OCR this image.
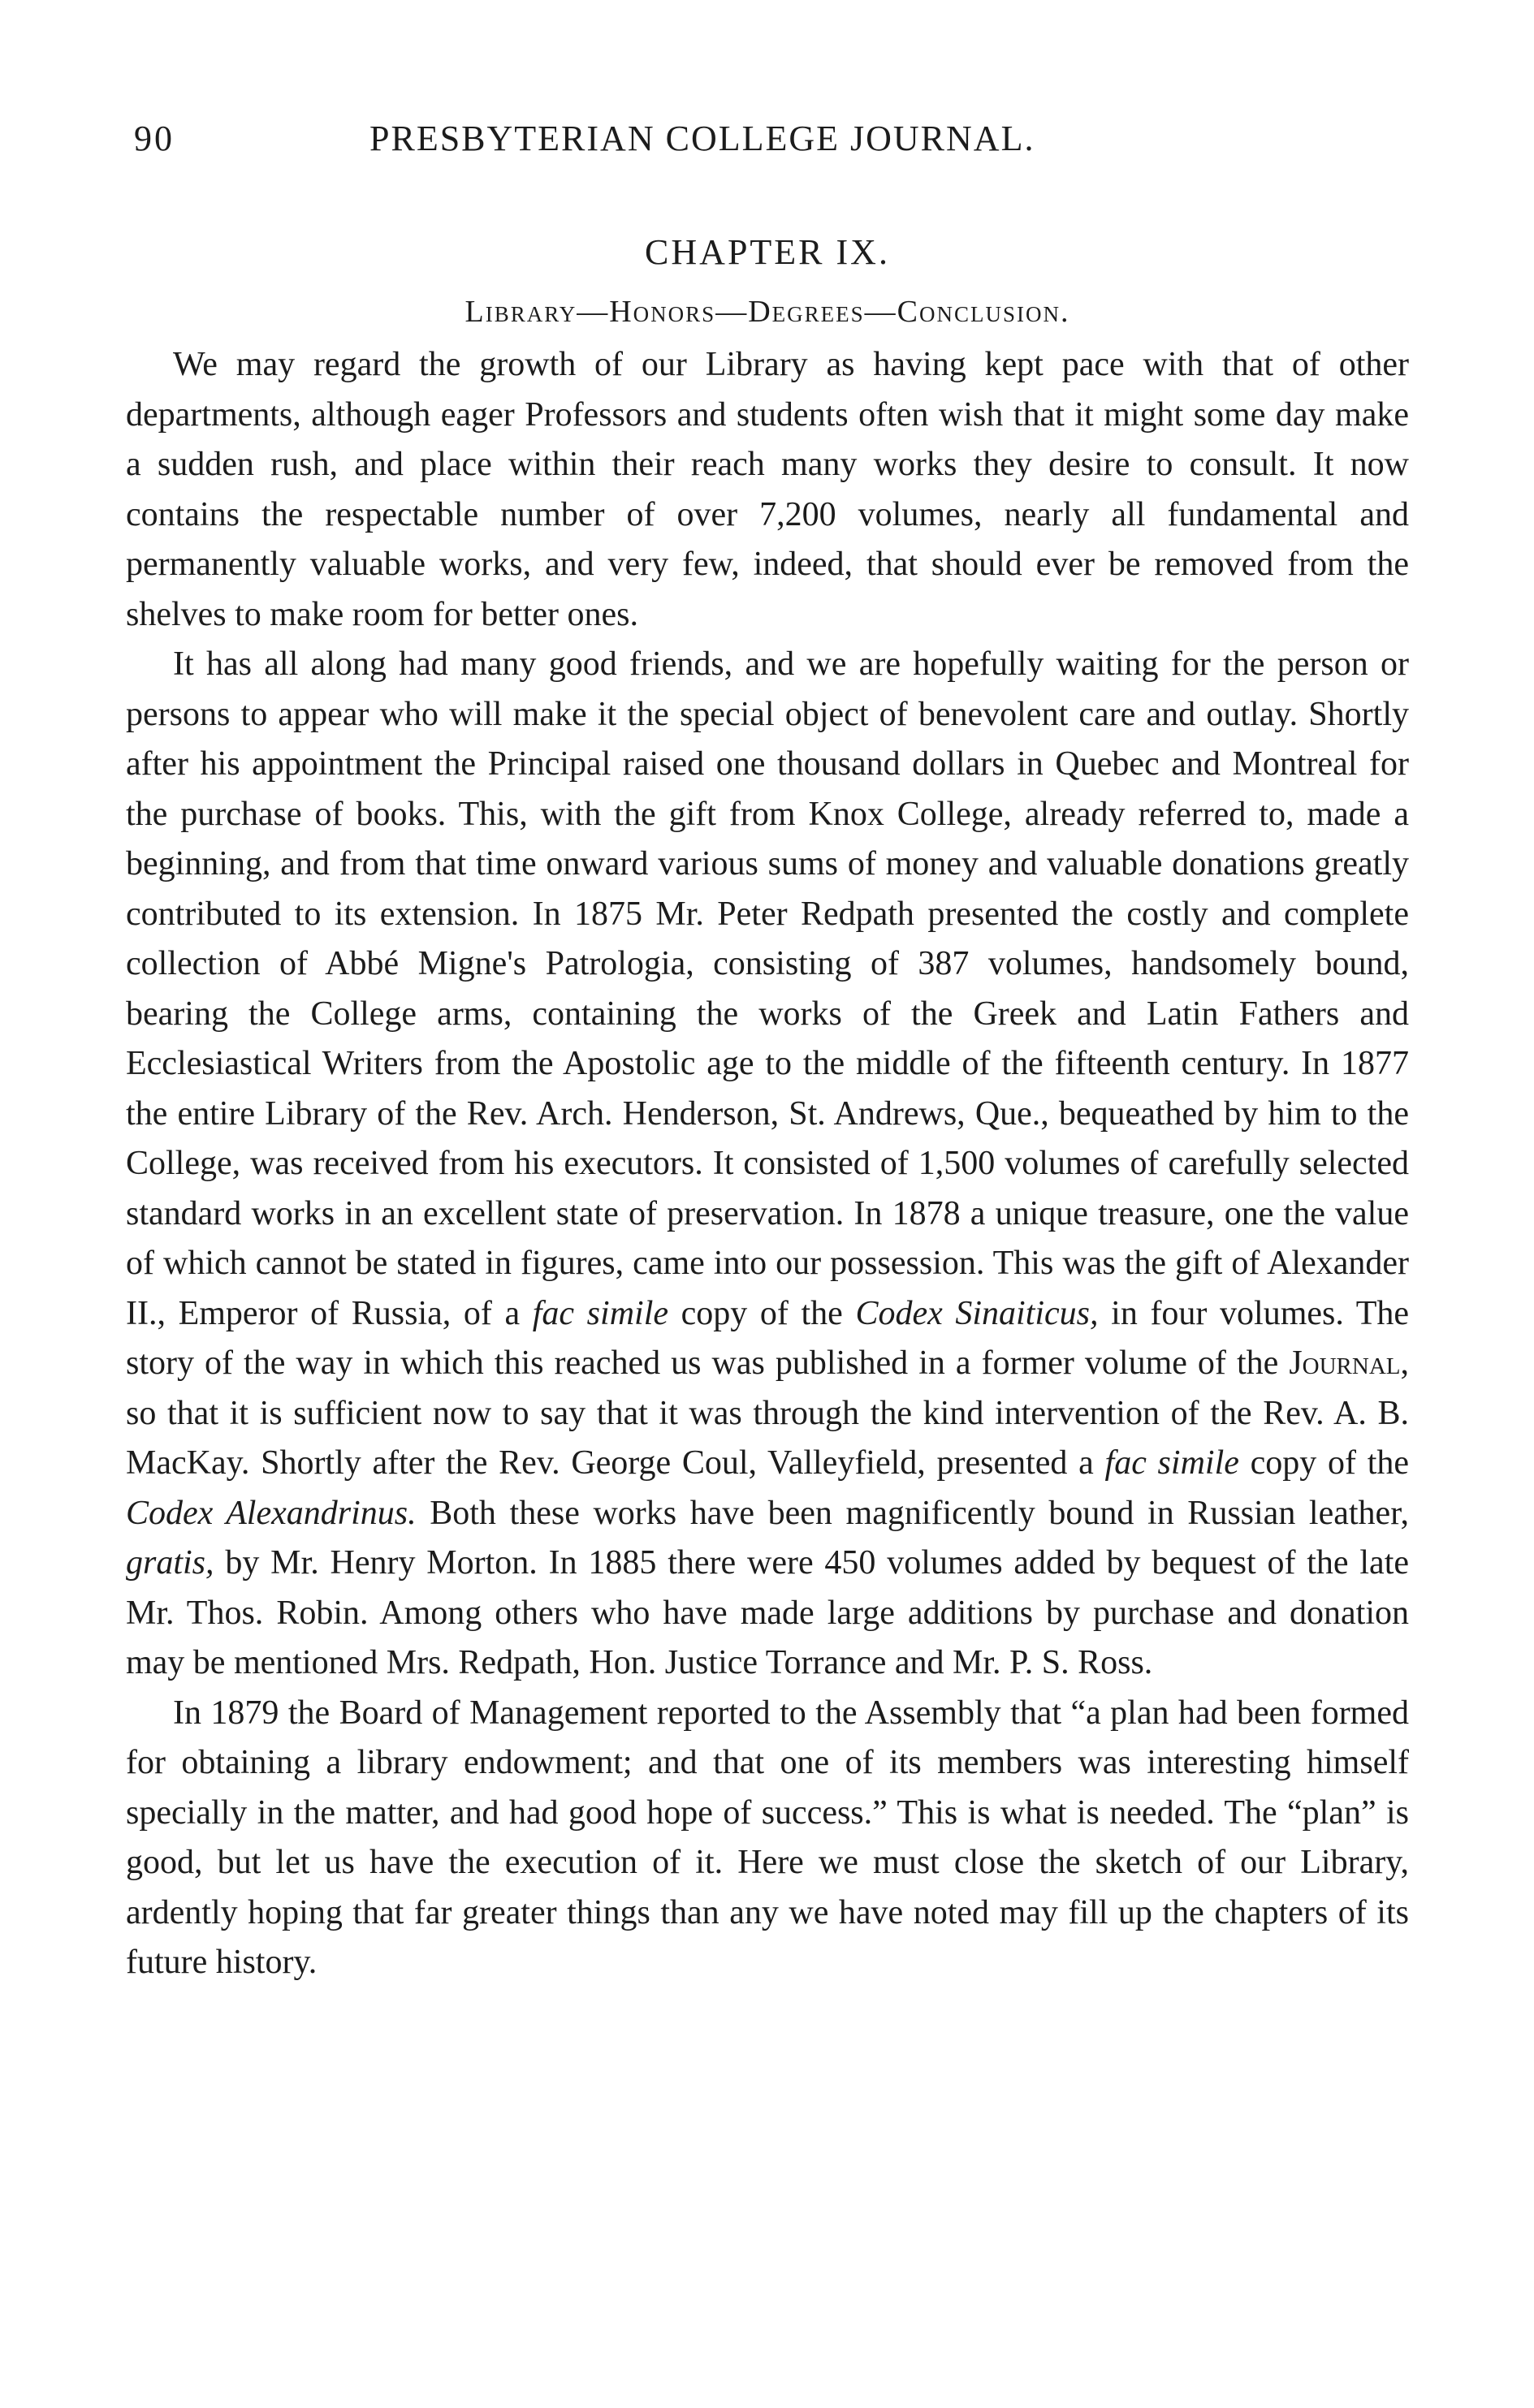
90	PRESBYTERIAN COLLEGE JOURNAL.
CHAPTER IX.
Library—Honors—Degrees—Conclusion.

We may regard the growth of our Library as having kept pace with that of other departments, although eager Professors and students often wish that it might some day make a sudden rush, and place within their reach many works they desire to consult. It now contains the respectable number of over 7,200 volumes, nearly all fundamental and permanently valuable works, and very few, indeed, that should ever be removed from the shelves to make room for better ones.

It has all along had many good friends, and we are hopefully waiting for the person or persons to appear who will make it the special object of benevolent care and outlay. Shortly after his appointment the Principal raised one thousand dollars in Quebec and Montreal for the purchase of books. This, with the gift from Knox College, already referred to, made a beginning, and from that time onward various sums of money and valuable donations greatly contributed to its extension. In 1875 Mr. Peter Redpath presented the costly and complete collection of Abbé Migne's Patrologia, consisting of 387 volumes, handsomely bound, bearing the College arms, containing the works of the Greek and Latin Fathers and Ecclesiastical Writers from the Apostolic age to the middle of the fifteenth century. In 1877 the entire Library of the Rev. Arch. Henderson, St. Andrews, Que., bequeathed by him to the College, was received from his executors. It consisted of 1,500 volumes of carefully selected standard works in an excellent state of preservation. In 1878 a unique treasure, one the value of which cannot be stated in figures, came into our possession. This was the gift of Alexander II., Emperor of Russia, of a fac simile copy of the Codex Sinaiticus, in four volumes. The story of the way in which this reached us was published in a former volume of the Journal, so that it is sufficient now to say that it was through the kind intervention of the Rev. A. B. MacKay. Shortly after the Rev. George Coul, Valleyfield, presented a fac simile copy of the Codex Alexandrinus. Both these works have been magnificently bound in Russian leather, gratis, by Mr. Henry Morton. In 1885 there were 450 volumes added by bequest of the late Mr. Thos. Robin. Among others who have made large additions by purchase and donation may be mentioned Mrs. Redpath, Hon. Justice Torrance and Mr. P. S. Ross.

In 1879 the Board of Management reported to the Assembly that “a plan had been formed for obtaining a library endowment; and that one of its members was interesting himself specially in the matter, and had good hope of success.” This is what is needed. The “plan” is good, but let us have the execution of it. Here we must close the sketch of our Library, ardently hoping that far greater things than any we have noted may fill up the chapters of its future history.
